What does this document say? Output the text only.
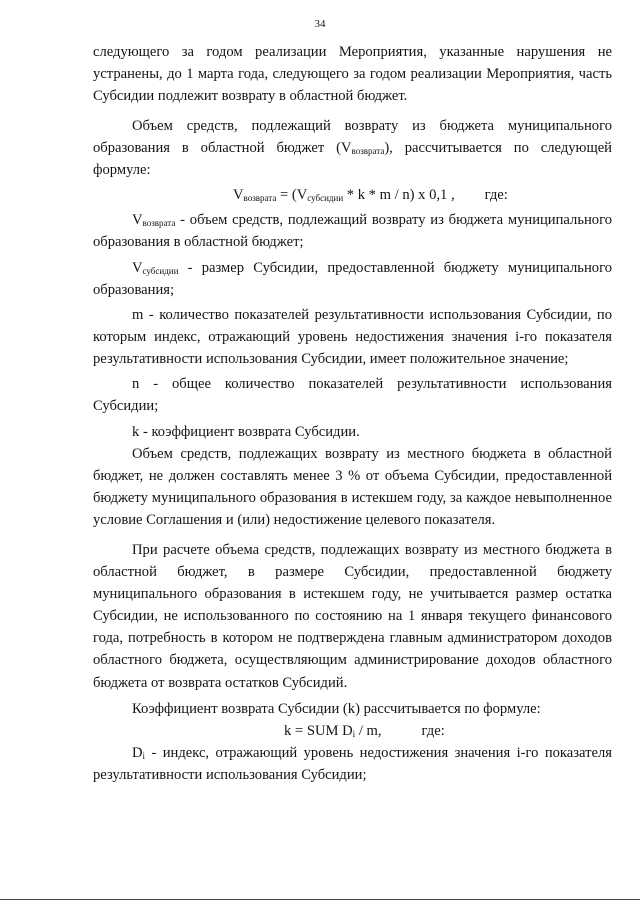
34

следующего за годом реализации Мероприятия, указанные нарушения не устранены, до 1 марта года, следующего за годом реализации Мероприятия, часть Субсидии подлежит возврату в областной бюджет.

Объем средств, подлежащий возврату из бюджета муниципального образования в областной бюджет $(V_{возврата})$, рассчитывается по следующей формуле:

$V_{возврата} = (V_{субсидии} * k * m / n)$ x 0,1 , где:

$V_{возврата}$ - объем средств, подлежащий возврату из бюджета муниципального образования в областной бюджет;

$V_{субсидии}$ - размер Субсидии, предоставленной бюджету муниципального образования;

m - количество показателей результативности использования Субсидии, по которым индекс, отражающий уровень недостижения значения i-го показателя результативности использования Субсидии, имеет положительное значение;

n - общее количество показателей результативности использования Субсидии;

k - коэффициент возврата Субсидии.

Объем средств, подлежащих возврату из местного бюджета в областной бюджет, не должен составлять менее 3 % от объема Субсидии, предоставленной бюджету муниципального образования в истекшем году, за каждое невыполненное условие Соглашения и (или) недостижение целевого показателя.

При расчете объема средств, подлежащих возврату из местного бюджета в областной бюджет, в размере Субсидии, предоставленной бюджету муниципального образования в истекшем году, не учитывается размер остатка Субсидии, не использованного по состоянию на 1 января текущего финансового года, потребность в котором не подтверждена главным администратором доходов областного бюджета, осуществляющим администрирование доходов областного бюджета от возврата остатков Субсидий.

Коэффициент возврата Субсидии (k) рассчитывается по формуле:

k = SUM $D_i$ / m,	где:

$D_i$ - индекс, отражающий уровень недостижения значения i-го показателя результативности использования Субсидии;
